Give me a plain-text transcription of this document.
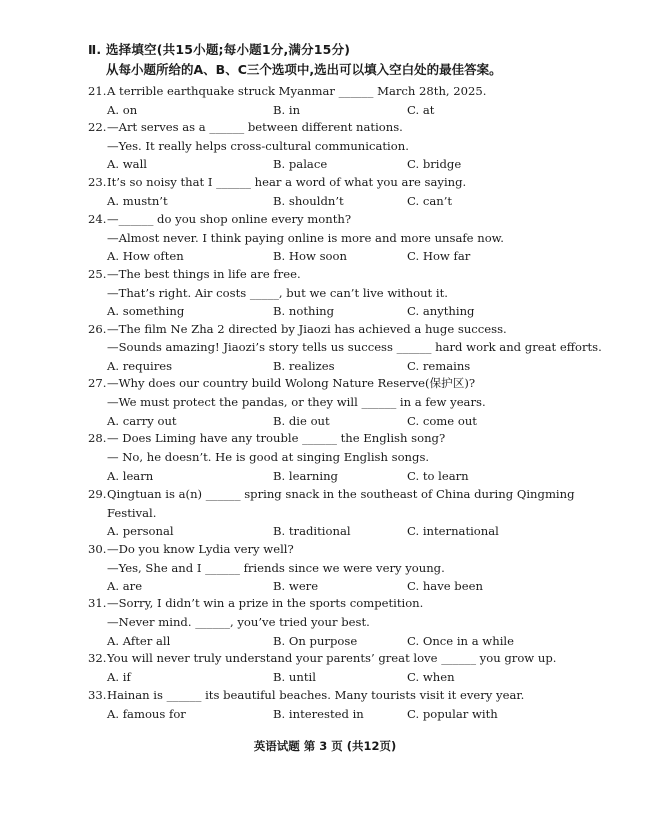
Ⅱ. 选择填空(共15小题;每小题1分,满分15分)
从每小题所给的A、B、C三个选项中,选出可以填入空白处的最佳答案。
21. A terrible earthquake struck Myanmar ______ March 28th, 2025.
A. on	B. in	C. at
22. —Art serves as a ______ between different nations.
—Yes. It really helps cross-cultural communication.
A. wall	B. palace	C. bridge
23. It’s so noisy that I ______ hear a word of what you are saying.
A. mustn’t	B. shouldn’t	C. can’t
24. —______ do you shop online every month?
—Almost never. I think paying online is more and more unsafe now.
A. How often	B. How soon	C. How far
25. —The best things in life are free.
—That’s right. Air costs _____, but we can’t live without it.
A. something	B. nothing	C. anything
26. —The film Ne Zha 2 directed by Jiaozi has achieved a huge success.
—Sounds amazing! Jiaozi’s story tells us success ______ hard work and great efforts.
A. requires	B. realizes	C. remains
27. —Why does our country build Wolong Nature Reserve(保护区)?
—We must protect the pandas, or they will ______ in a few years.
A. carry out	B. die out	C. come out
28. — Does Liming have any trouble ______ the English song?
— No, he doesn’t. He is good at singing English songs.
A. learn	B. learning	C. to learn
29. Qingtuan is a(n) ______ spring snack in the southeast of China during Qingming
Festival.
A. personal	B. traditional	C. international
30. —Do you know Lydia very well?
—Yes, She and I ______ friends since we were very young.
A. are	B. were	C. have been
31. —Sorry, I didn’t win a prize in the sports competition.
—Never mind. ______, you’ve tried your best.
A. After all	B. On purpose	C. Once in a while
32. You will never truly understand your parents’ great love ______ you grow up.
A. if	B. until	C. when
33. Hainan is ______ its beautiful beaches. Many tourists visit it every year.
A. famous for	B. interested in	C. popular with
英语试题 第 3 页 (共12页)
